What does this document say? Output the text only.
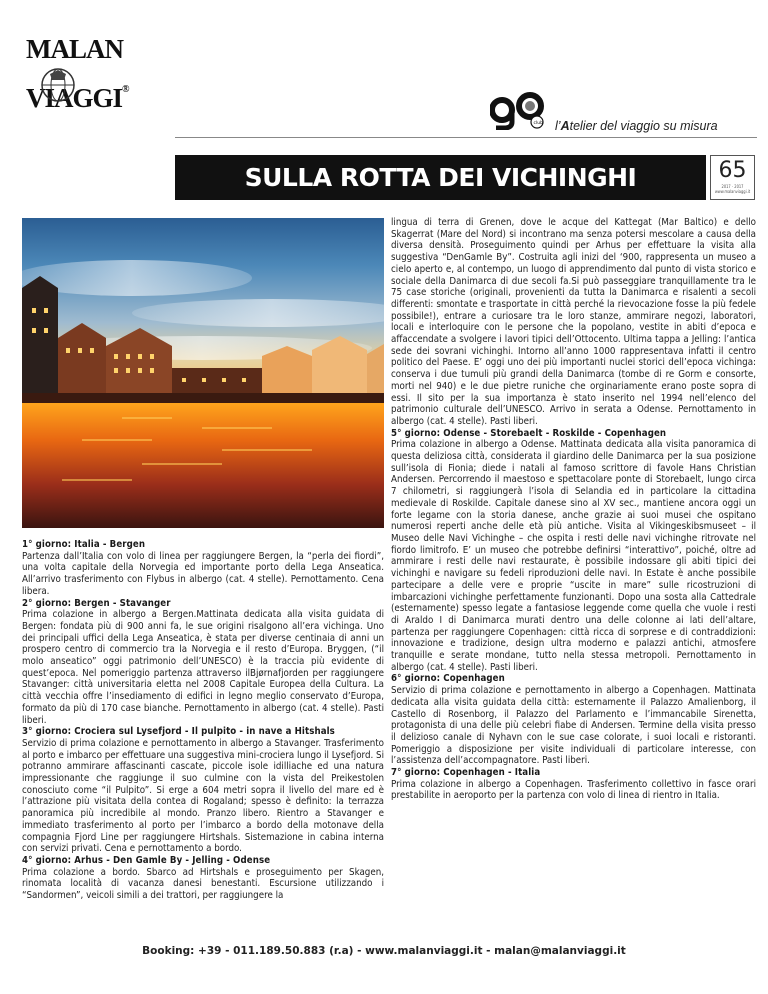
MALAN
VIAGGI®
club l’Atelier del viaggio su misura
SULLA ROTTA DEI VICHINGHI	65
2017 - 2017
www.malanviaggi.it

1° giorno: Italia - Bergen

Partenza dall’Italia con volo di linea per raggiungere Bergen, la “perla dei fiordi”, una volta capitale della Norvegia ed importante porto della Lega Anseatica. All’arrivo trasferimento con Flybus in albergo (cat. 4 stelle). Pernottamento. Cena libera.

2° giorno: Bergen - Stavanger

Prima colazione in albergo a Bergen.Mattinata dedicata alla visita guidata di Bergen: fondata più di 900 anni fa, le sue origini risalgono all’era vichinga. Uno dei principali uffici della Lega Anseatica, è stata per diverse centinaia di anni un prospero centro di commercio tra la Norvegia e il resto d’Europa. Bryggen, (“il molo anseatico” oggi patrimonio dell’UNESCO) è la traccia più evidente di quest’epoca. Nel pomeriggio partenza attraverso ilBjørnafjorden per raggiungere Stavanger: città universitaria eletta nel 2008 Capitale Europea della Cultura. La città vecchia offre l’insediamento di edifici in legno meglio conservato d’Europa, formato da più di 170 case bianche. Pernottamento in albergo (cat. 4 stelle). Pasti liberi.

3° giorno: Crociera sul Lysefjord - Il pulpito - in nave a Hitshals

Servizio di prima colazione e pernottamento in albergo a Stavanger. Trasferimento al porto e imbarco per effettuare una suggestiva mini-crociera lungo il Lysefjord. Si potranno ammirare affascinanti cascate, piccole isole idilliache ed una natura impressionante che raggiunge il suo culmine con la vista del Preikestolen conosciuto come “il Pulpito”. Si erge a 604 metri sopra il livello del mare ed è l’attrazione più visitata della contea di Rogaland; spesso è definito: la terrazza panoramica più incredibile al mondo. Pranzo libero. Rientro a Stavanger e immediato trasferimento al porto per l’imbarco a bordo della motonave della compagnia Fjord Line per raggiungere Hirtshals. Sistemazione in cabina interna con servizi privati. Cena e pernottamento a bordo.

4° giorno: Arhus - Den Gamle By - Jelling - Odense

Prima colazione a bordo. Sbarco ad Hirtshals e proseguimento per Skagen, rinomata località di vacanza danesi benestanti. Escursione utilizzando i “Sandormen”, veicoli simili a dei trattori, per raggiungere la

lingua di terra di Grenen, dove le acque del Kattegat (Mar Baltico) e dello Skagerrat (Mare del Nord) si incontrano ma senza potersi mescolare a causa della diversa densità. Proseguimento quindi per Arhus per effettuare la visita alla suggestiva “DenGamle By”. Costruita agli inizi del ‘900, rappresenta un museo a cielo aperto e, al contempo, un luogo di apprendimento dal punto di vista storico e sociale della Danimarca di due secoli fa.Si può passeggiare tranquillamente tra le 75 case storiche (originali, provenienti da tutta la Danimarca e risalenti a secoli differenti: smontate e trasportate in città perché la rievocazione fosse la più fedele possibile!), entrare a curiosare tra le loro stanze, ammirare negozi, laboratori, locali e interloquire con le persone che la popolano, vestite in abiti d’epoca e affaccendate a svolgere i lavori tipici dell’Ottocento. Ultima tappa a Jelling: l’antica sede dei sovrani vichinghi. Intorno all’anno 1000 rappresentava infatti il centro politico del Paese. E’ oggi uno dei più importanti nuclei storici dell’epoca vichinga: conserva i due tumuli più grandi della Danimarca (tombe di re Gorm e consorte, morti nel 940) e le due pietre runiche che orginariamente erano poste sopra di essi. Il sito per la sua importanza è stato inserito nel 1994 nell’elenco del patrimonio culturale dell’UNESCO. Arrivo in serata a Odense. Pernottamento in albergo (cat. 4 stelle). Pasti liberi.

5° giorno: Odense - Storebaelt - Roskilde - Copenhagen

Prima colazione in albergo a Odense. Mattinata dedicata alla visita panoramica di questa deliziosa città, considerata il giardino delle Danimarca per la sua posizione sull’isola di Fionia; diede i natali al famoso scrittore di favole Hans Christian Andersen. Percorrendo il maestoso e spettacolare ponte di Storebaelt, lungo circa 7 chilometri, si raggiungerà l’isola di Selandia ed in particolare la cittadina medievale di Roskilde. Capitale danese sino al XV sec., mantiene ancora oggi un forte legame con la storia danese, anche grazie ai suoi musei che ospitano numerosi reperti anche delle età più antiche. Visita al Vikingeskibsmuseet – il Museo delle Navi Vichinghe – che ospita i resti delle navi vichinghe ritrovate nel fiordo limitrofo. E’ un museo che potrebbe definirsi “interattivo”, poiché, oltre ad ammirare i resti delle navi restaurate, è possibile indossare gli abiti tipici dei vichinghi e navigare su fedeli riproduzioni delle navi. In Estate è anche possibile partecipare a delle vere e proprie “uscite in mare” sulle ricostruzioni di imbarcazioni vichinghe perfettamente funzionanti. Dopo una sosta alla Cattedrale (esternamente) spesso legate a fantasiose leggende come quella che vuole i resti di Araldo I di Danimarca murati dentro una delle colonne ai lati dell’altare, partenza per raggiungere Copenhagen: città ricca di sorprese e di contraddizioni: innovazione e tradizione, design ultra moderno e palazzi antichi, atmosfere tranquille e serate mondane, tutto nella stessa metropoli. Pernottamento in albergo (cat. 4 stelle). Pasti liberi.

6° giorno: Copenhagen

Servizio di prima colazione e pernottamento in albergo a Copenhagen. Mattinata dedicata alla visita guidata della città: esternamente il Palazzo Amalienborg, il Castello di Rosenborg, il Palazzo del Parlamento e l’immancabile Sirenetta, protagonista di una delle più celebri fiabe di Andersen. Termine della visita presso il delizioso canale di Nyhavn con le sue case colorate, i suoi locali e ristoranti. Pomeriggio a disposizione per visite individuali di particolare interesse, con l’assistenza dell’accompagnatore. Pasti liberi.

7° giorno: Copenhagen - Italia

Prima colazione in albergo a Copenhagen. Trasferimento collettivo in fasce orari prestabilite in aeroporto per la partenza con volo di linea di rientro in Italia.

Booking: +39 - 011.189.50.883 (r.a) - www.malanviaggi.it - malan@malanviaggi.it
